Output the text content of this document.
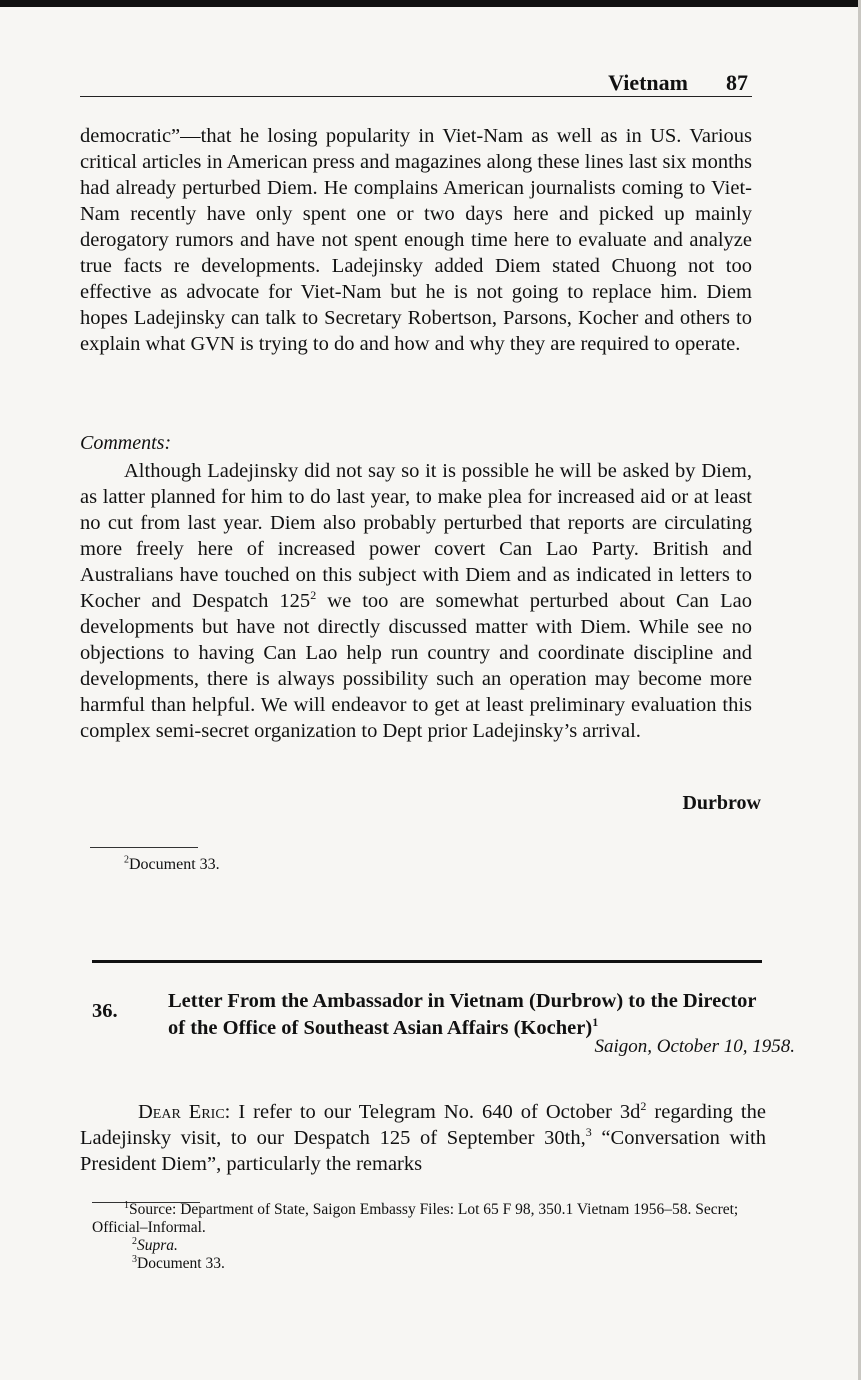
Vietnam 87
democratic”—that he losing popularity in Viet-Nam as well as in US. Various critical articles in American press and magazines along these lines last six months had already perturbed Diem. He complains American journalists coming to Viet-Nam recently have only spent one or two days here and picked up mainly derogatory rumors and have not spent enough time here to evaluate and analyze true facts re developments. Ladejinsky added Diem stated Chuong not too effective as advocate for Viet-Nam but he is not going to replace him. Diem hopes Ladejinsky can talk to Secretary Robertson, Parsons, Kocher and others to explain what GVN is trying to do and how and why they are required to operate.
Comments:
Although Ladejinsky did not say so it is possible he will be asked by Diem, as latter planned for him to do last year, to make plea for increased aid or at least no cut from last year. Diem also probably perturbed that reports are circulating more freely here of increased power covert Can Lao Party. British and Australians have touched on this subject with Diem and as indicated in letters to Kocher and Despatch $125^2$ we too are somewhat perturbed about Can Lao developments but have not directly discussed matter with Diem. While see no objections to having Can Lao help run country and coordinate discipline and developments, there is always possibility such an operation may become more harmful than helpful. We will endeavor to get at least preliminary evaluation this complex semi-secret organization to Dept prior Ladejinsky’s arrival.
Durbrow
$^2$Document 33.
36. Letter From the Ambassador in Vietnam (Durbrow) to the Director of the Office of Southeast Asian Affairs (Kocher)$^1$
Saigon, October 10, 1958.
Dear Eric: I refer to our Telegram No. 640 of October $3d^2$ regarding the Ladejinsky visit, to our Despatch 125 of September 30th,$^3$ “Conversation with President Diem”, particularly the remarks
$^1$Source: Department of State, Saigon Embassy Files: Lot 65 F 98, 350.1 Vietnam 1956–58. Secret; Official–Informal.
$^2$Supra.
$^3$Document 33.
